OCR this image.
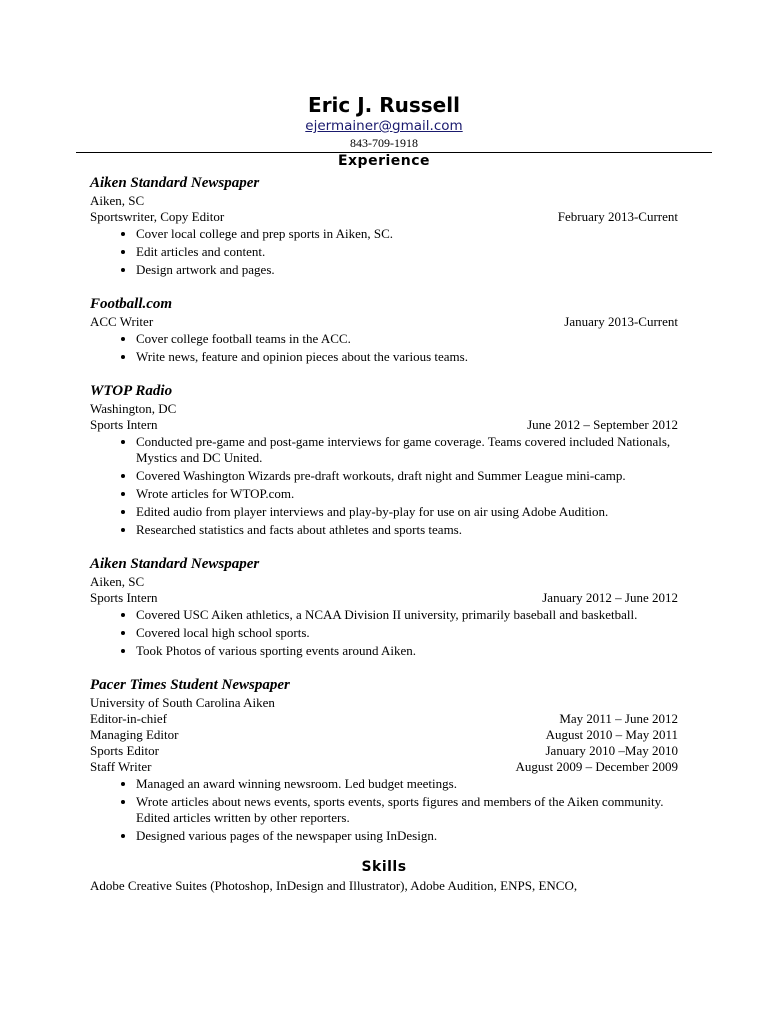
Eric J. Russell
ejermainer@gmail.com
843-709-1918
Experience
Aiken Standard Newspaper
Aiken, SC
Sportswriter, Copy Editor	February 2013-Current
• Cover local college and prep sports in Aiken, SC.
• Edit articles and content.
• Design artwork and pages.
Football.com
ACC Writer	January 2013-Current
• Cover college football teams in the ACC.
• Write news, feature and opinion pieces about the various teams.
WTOP Radio
Washington, DC
Sports Intern	June 2012 – September 2012
• Conducted pre-game and post-game interviews for game coverage. Teams covered included Nationals, Mystics and DC United.
• Covered Washington Wizards pre-draft workouts, draft night and Summer League mini-camp.
• Wrote articles for WTOP.com.
• Edited audio from player interviews and play-by-play for use on air using Adobe Audition.
• Researched statistics and facts about athletes and sports teams.
Aiken Standard Newspaper
Aiken, SC
Sports Intern	January 2012 – June 2012
• Covered USC Aiken athletics, a NCAA Division II university, primarily baseball and basketball.
• Covered local high school sports.
• Took Photos of various sporting events around Aiken.
Pacer Times Student Newspaper
University of South Carolina Aiken
Editor-in-chief	May 2011 – June 2012
Managing Editor	August 2010 – May 2011
Sports Editor	January 2010 –May 2010
Staff Writer	August 2009 – December 2009
• Managed an award winning newsroom. Led budget meetings.
• Wrote articles about news events, sports events, sports figures and members of the Aiken community. Edited articles written by other reporters.
• Designed various pages of the newspaper using InDesign.
Skills
Adobe Creative Suites (Photoshop, InDesign and Illustrator), Adobe Audition, ENPS, ENCO,
